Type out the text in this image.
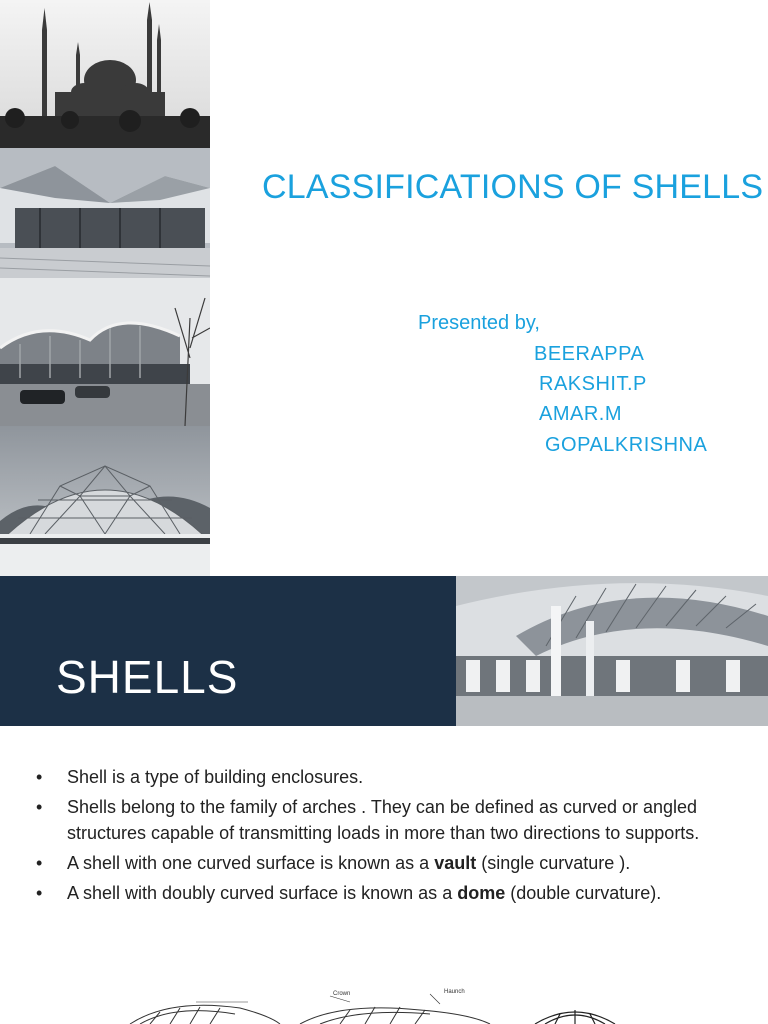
CLASSIFICATIONS OF SHELLS
Presented by,
BEERAPPA
RAKSHIT.P
AMAR.M
GOPALKRISHNA
SHELLS
• Shell is a type of building enclosures.
• Shells belong to the family of arches . They can be defined as curved or angled structures capable of transmitting loads in more than two directions to supports.
• A shell with one curved surface is known as a vault (single curvature ).
• A shell with doubly curved surface is known as a dome (double curvature).
Crown	Haunch
